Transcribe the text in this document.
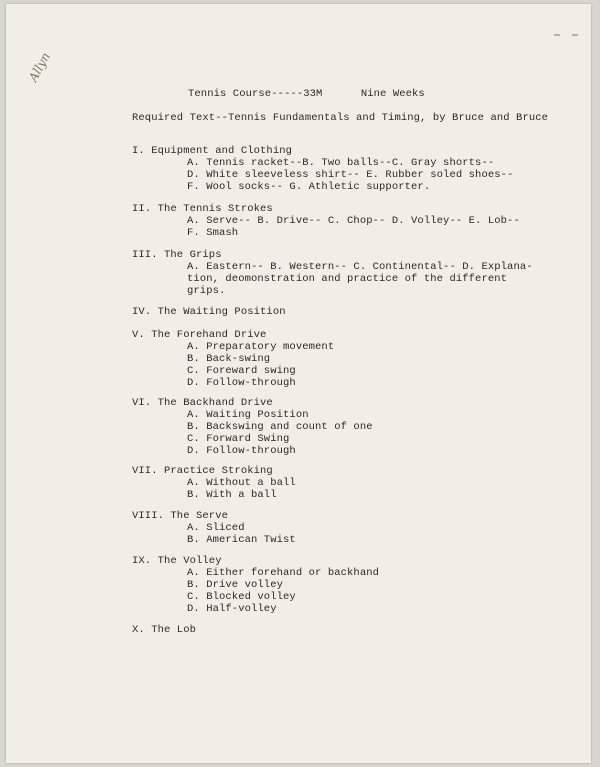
Allyn
Tennis Course-----33M      Nine Weeks
Required Text--Tennis Fundamentals and Timing, by Bruce and Bruce
I. Equipment and Clothing
A. Tennis racket--B. Two balls--C. Gray shorts--
D. White sleeveless shirt-- E. Rubber soled shoes--
F. Wool socks-- G. Athletic supporter.
II. The Tennis Strokes
A. Serve-- B. Drive-- C. Chop-- D. Volley-- E. Lob--
F. Smash
III. The Grips
A. Eastern-- B. Western-- C. Continental-- D. Explana-
tion, deomonstration and practice of the different
grips.
IV. The Waiting Position
V. The Forehand Drive
A. Preparatory movement
B. Back-swing
C. Foreward swing
D. Follow-through
VI. The Backhand Drive
A. Waiting Position
B. Backswing and count of one
C. Forward Swing
D. Follow-through
VII. Practice Stroking
A. Without a ball
B. With a ball
VIII. The Serve
A. Sliced
B. American Twist
IX. The Volley
A. Either forehand or backhand
B. Drive volley
C. Blocked volley
D. Half-volley
X. The Lob
